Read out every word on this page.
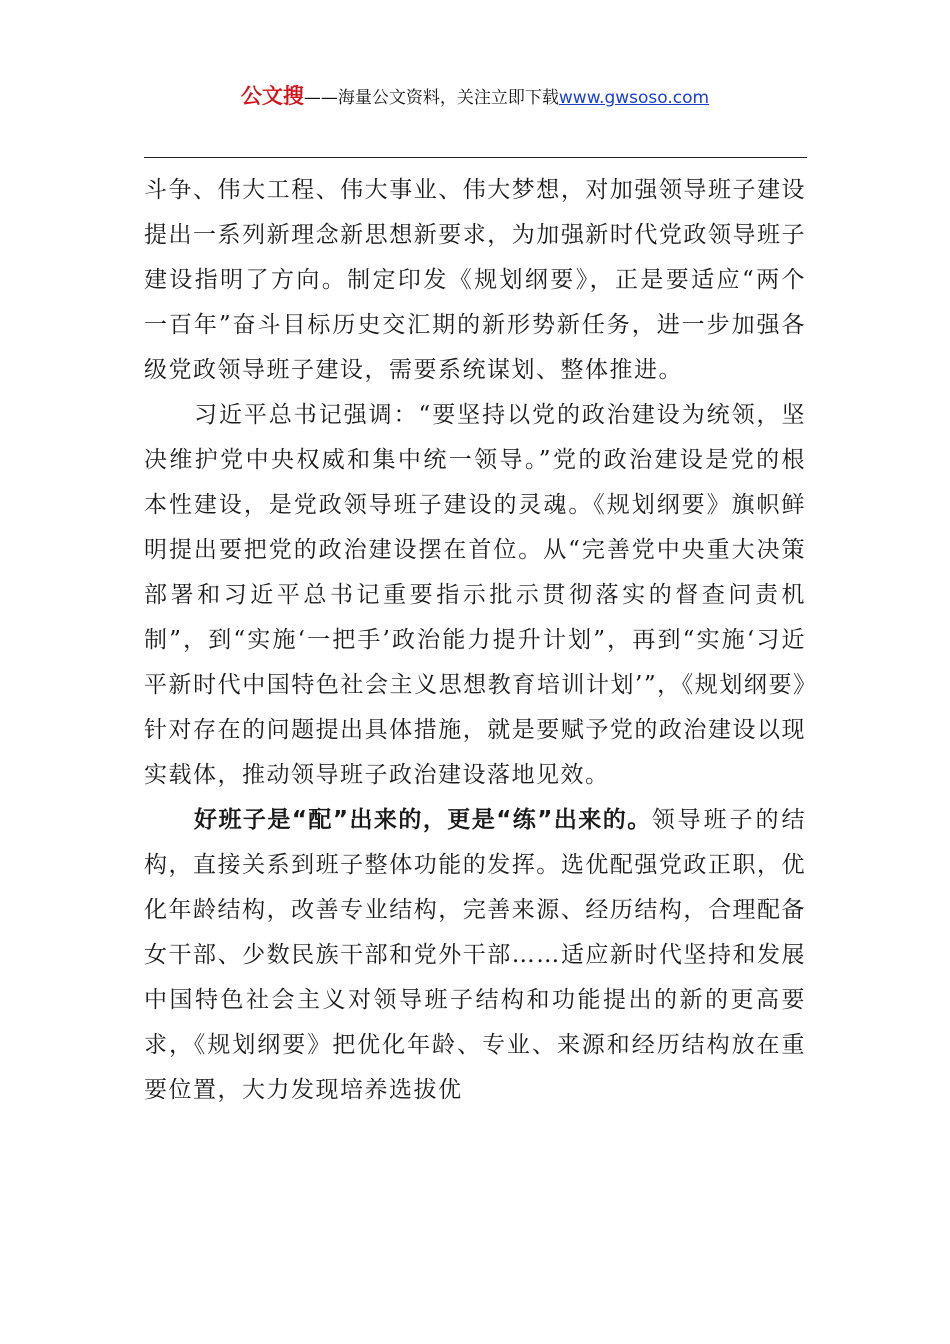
公文搜——海量公文资料，关注立即下载www.gwsoso.com

斗争、伟大工程、伟大事业、伟大梦想，对加强领导班子建设提出一系列新理念新思想新要求，为加强新时代党政领导班子建设指明了方向。制定印发《规划纲要》，正是要适应“两个一百年”奋斗目标历史交汇期的新形势新任务，进一步加强各级党政领导班子建设，需要系统谋划、整体推进。

习近平总书记强调：“要坚持以党的政治建设为统领，坚决维护党中央权威和集中统一领导。”党的政治建设是党的根本性建设，是党政领导班子建设的灵魂。《规划纲要》旗帜鲜明提出要把党的政治建设摆在首位。从“完善党中央重大决策部署和习近平总书记重要指示批示贯彻落实的督查问责机制”，到“实施‘一把手’政治能力提升计划”，再到“实施‘习近平新时代中国特色社会主义思想教育培训计划’”，《规划纲要》针对存在的问题提出具体措施，就是要赋予党的政治建设以现实载体，推动领导班子政治建设落地见效。

好班子是“配”出来的，更是“练”出来的。领导班子的结构，直接关系到班子整体功能的发挥。选优配强党政正职，优化年龄结构，改善专业结构，完善来源、经历结构，合理配备女干部、少数民族干部和党外干部……适应新时代坚持和发展中国特色社会主义对领导班子结构和功能提出的新的更高要求，《规划纲要》把优化年龄、专业、来源和经历结构放在重要位置，大力发现培养选拔优
